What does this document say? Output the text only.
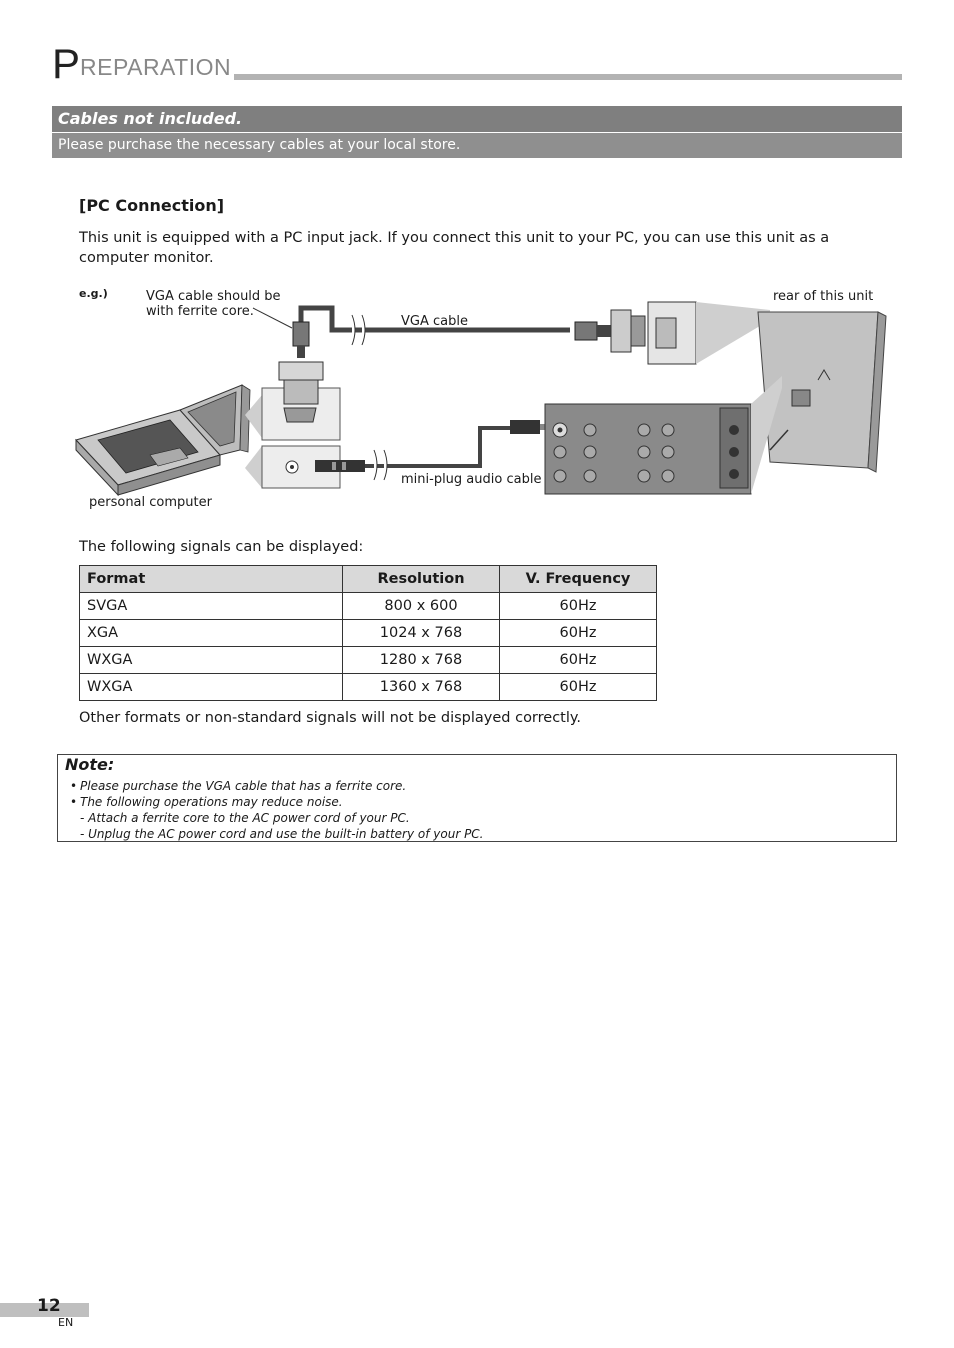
PREPARATION
Cables not included.
Please purchase the necessary cables at your local store.
[PC Connection]
This unit is equipped with a PC input jack. If you connect this unit to your PC, you can use this unit as a computer monitor.
e.g.)	VGA cable should be
with ferrite core.
VGA cable
rear of this unit
mini-plug audio cable
personal computer
The following signals can be displayed:
Format	Resolution	V. Frequency
SVGA	800 x 600	60Hz
XGA	1024 x 768	60Hz
WXGA	1280 x 768	60Hz
WXGA	1360 x 768	60Hz
Other formats or non-standard signals will not be displayed correctly.
Note:
• Please purchase the VGA cable that has a ferrite core.
• The following operations may reduce noise.
- Attach a ferrite core to the AC power cord of your PC.
- Unplug the AC power cord and use the built-in battery of your PC.
12
EN
